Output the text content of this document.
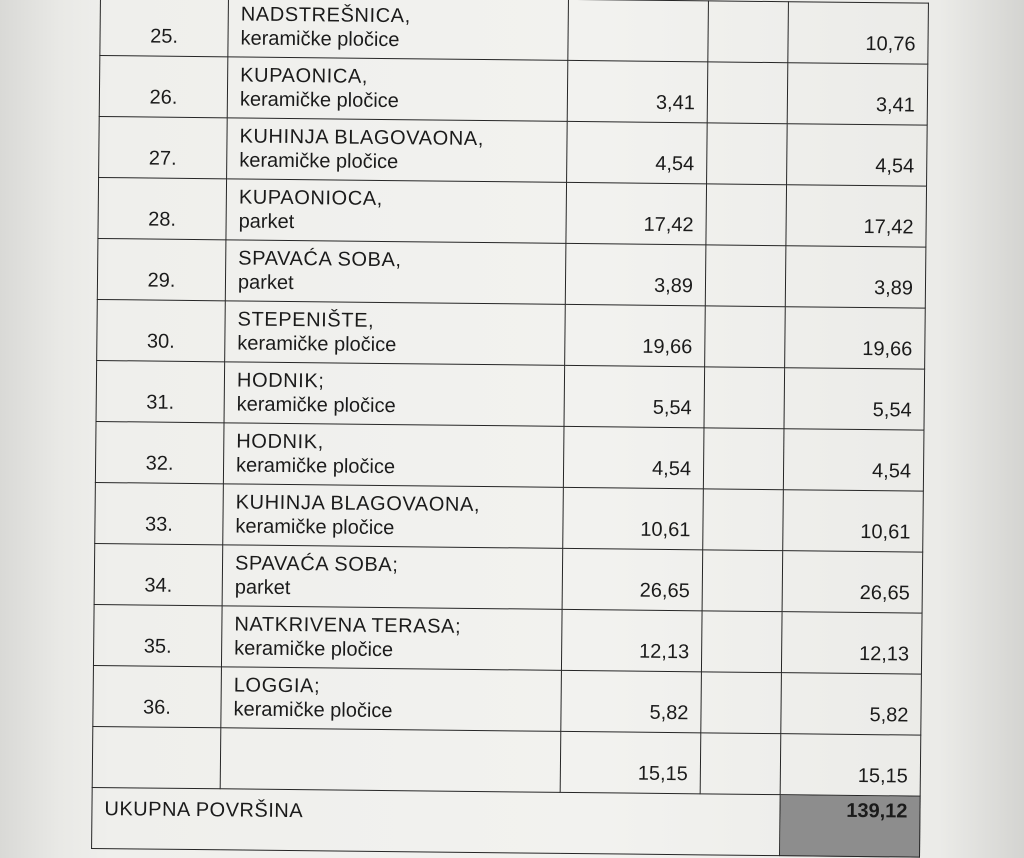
25.	NADSTREŠNICA,
keramičke pločice			10,76

26.	KUPAONICA,
keramičke pločice	3,41		3,41

27.	KUHINJA BLAGOVAONA,
keramičke pločice	4,54		4,54

28.	KUPAONIOCA,
parket	17,42		17,42

29.	SPAVAĆA SOBA,
parket	3,89		3,89

30.	STEPENIŠTE,
keramičke pločice	19,66		19,66

31.	HODNIK;
keramičke pločice	5,54		5,54

32.	HODNIK,
keramičke pločice	4,54		4,54

33.	KUHINJA BLAGOVAONA,
keramičke pločice	10,61		10,61

34.	SPAVAĆA SOBA;
parket	26,65		26,65

35.	NATKRIVENA TERASA;
keramičke pločice	12,13		12,13

36.	LOGGIA;
keramičke pločice	5,82		5,82

		15,15		15,15

UKUPNA POVRŠINA				139,12
